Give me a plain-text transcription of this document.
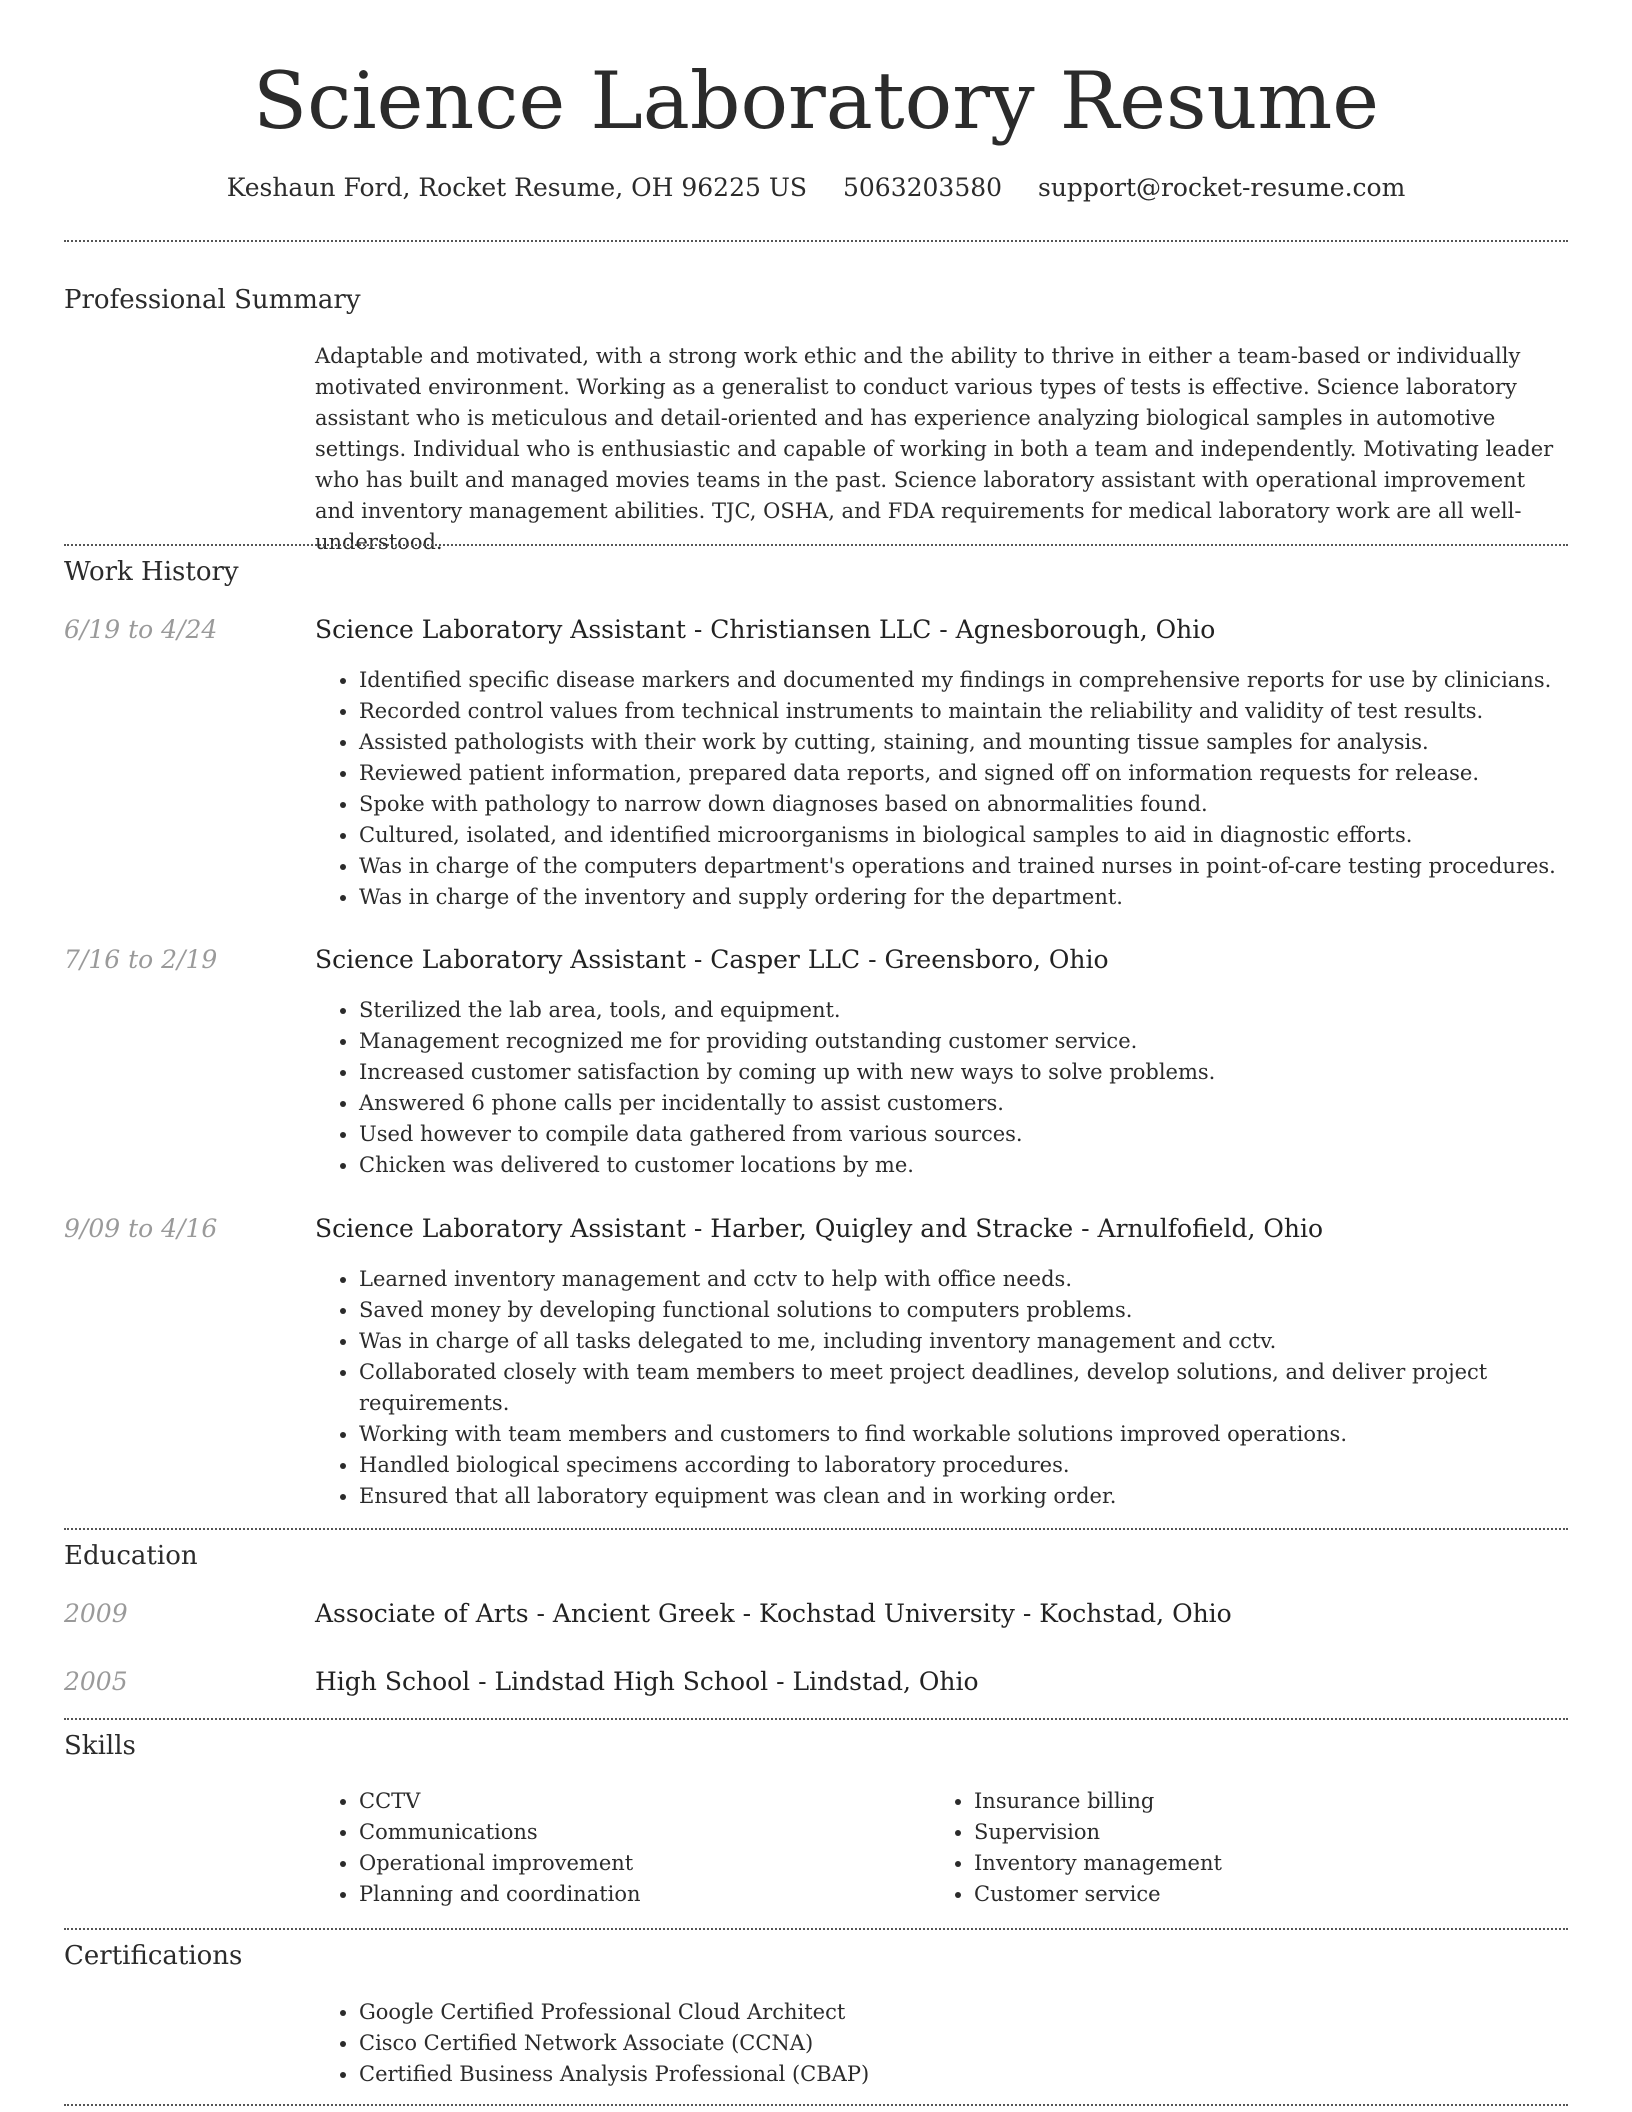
Science Laboratory Resume
Keshaun Ford, Rocket Resume, OH 96225 US 5063203580 support@rocket-resume.com
Professional Summary

Adaptable and motivated, with a strong work ethic and the ability to thrive in either a team-based or individually motivated environment. Working as a generalist to conduct various types of tests is effective. Science laboratory assistant who is meticulous and detail-oriented and has experience analyzing biological samples in automotive settings. Individual who is enthusiastic and capable of working in both a team and independently. Motivating leader who has built and managed movies teams in the past. Science laboratory assistant with operational improvement and inventory management abilities. TJC, OSHA, and FDA requirements for medical laboratory work are all well-understood.

Work History
6/19 to 4/24	Science Laboratory Assistant - Christiansen LLC - Agnesborough, Ohio
• Identified specific disease markers and documented my findings in comprehensive reports for use by clinicians.
• Recorded control values from technical instruments to maintain the reliability and validity of test results.
• Assisted pathologists with their work by cutting, staining, and mounting tissue samples for analysis.
• Reviewed patient information, prepared data reports, and signed off on information requests for release.
• Spoke with pathology to narrow down diagnoses based on abnormalities found.
• Cultured, isolated, and identified microorganisms in biological samples to aid in diagnostic efforts.
• Was in charge of the computers department's operations and trained nurses in point-of-care testing procedures.
• Was in charge of the inventory and supply ordering for the department.
7/16 to 2/19	Science Laboratory Assistant - Casper LLC - Greensboro, Ohio
• Sterilized the lab area, tools, and equipment.
• Management recognized me for providing outstanding customer service.
• Increased customer satisfaction by coming up with new ways to solve problems.
• Answered 6 phone calls per incidentally to assist customers.
• Used however to compile data gathered from various sources.
• Chicken was delivered to customer locations by me.
9/09 to 4/16	Science Laboratory Assistant - Harber, Quigley and Stracke - Arnulfofield, Ohio
• Learned inventory management and cctv to help with office needs.
• Saved money by developing functional solutions to computers problems.
• Was in charge of all tasks delegated to me, including inventory management and cctv.
• Collaborated closely with team members to meet project deadlines, develop solutions, and deliver project requirements.
• Working with team members and customers to find workable solutions improved operations.
• Handled biological specimens according to laboratory procedures.
• Ensured that all laboratory equipment was clean and in working order.
Education
2009	Associate of Arts - Ancient Greek - Kochstad University - Kochstad, Ohio
2005	High School - Lindstad High School - Lindstad, Ohio
Skills
• CCTV
• Communications
• Operational improvement
• Planning and coordination
• Insurance billing
• Supervision
• Inventory management
• Customer service
Certifications
• Google Certified Professional Cloud Architect
• Cisco Certified Network Associate (CCNA)
• Certified Business Analysis Professional (CBAP)
